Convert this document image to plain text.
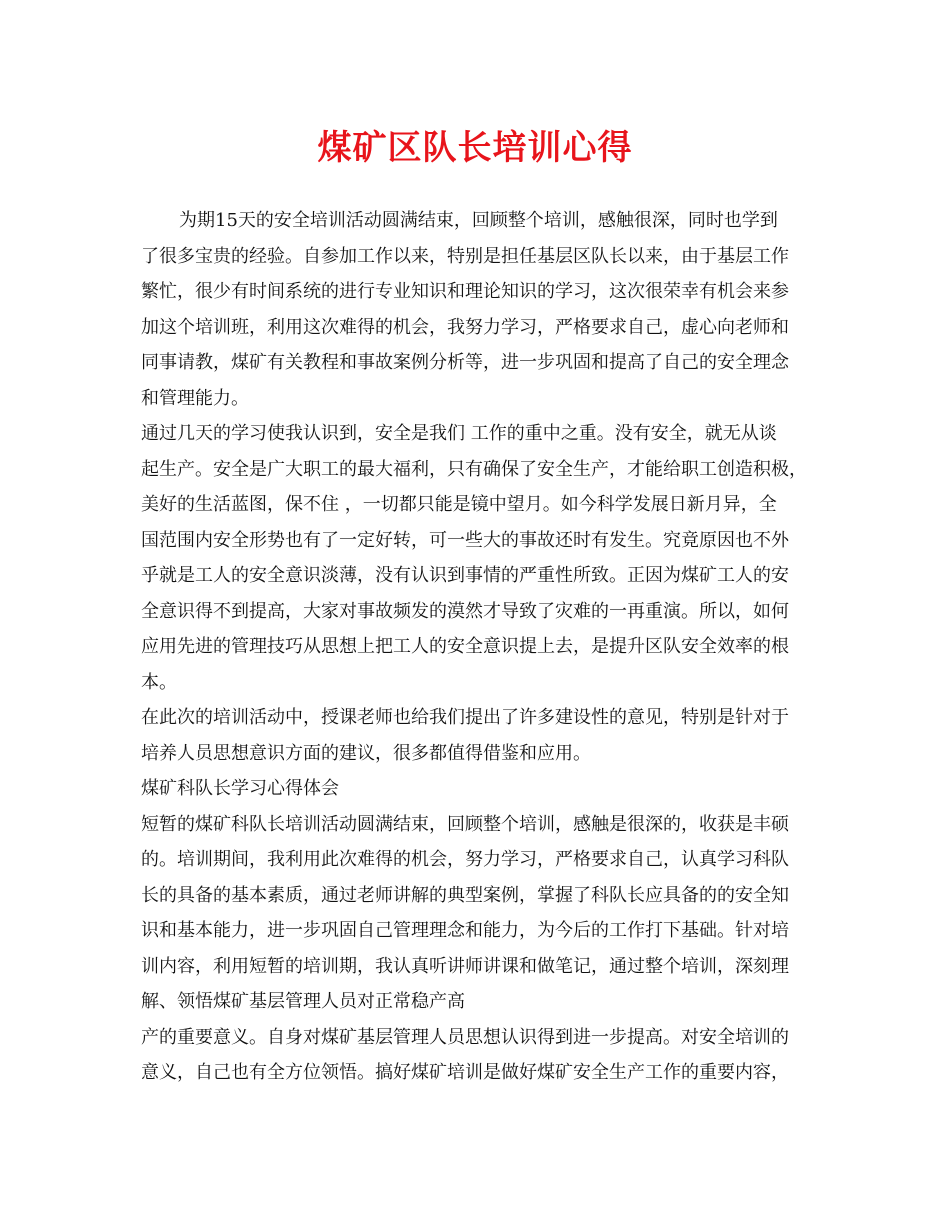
煤矿区队长培训心得
为期15天的安全培训活动圆满结束，回顾整个培训，感触很深，同时也学到
了很多宝贵的经验。自参加工作以来，特别是担任基层区队长以来，由于基层工作
繁忙，很少有时间系统的进行专业知识和理论知识的学习，这次很荣幸有机会来参
加这个培训班，利用这次难得的机会，我努力学习，严格要求自己，虚心向老师和
同事请教，煤矿有关教程和事故案例分析等，进一步巩固和提高了自己的安全理念
和管理能力。
通过几天的学习使我认识到，安全是我们 工作的重中之重。没有安全，就无从谈
起生产。安全是广大职工的最大福利，只有确保了安全生产，才能给职工创造积极，
美好的生活蓝图，保不住 ，一切都只能是镜中望月。如今科学发展日新月异，全
国范围内安全形势也有了一定好转，可一些大的事故还时有发生。究竟原因也不外
乎就是工人的安全意识淡薄，没有认识到事情的严重性所致。正因为煤矿工人的安
全意识得不到提高，大家对事故频发的漠然才导致了灾难的一再重演。所以，如何
应用先进的管理技巧从思想上把工人的安全意识提上去，是提升区队安全效率的根
本。
在此次的培训活动中，授课老师也给我们提出了许多建设性的意见，特别是针对于
培养人员思想意识方面的建议，很多都值得借鉴和应用。
煤矿科队长学习心得体会
短暂的煤矿科队长培训活动圆满结束，回顾整个培训，感触是很深的，收获是丰硕
的。培训期间，我利用此次难得的机会，努力学习，严格要求自己，认真学习科队
长的具备的基本素质，通过老师讲解的典型案例，掌握了科队长应具备的的安全知
识和基本能力，进一步巩固自己管理理念和能力，为今后的工作打下基础。针对培
训内容，利用短暂的培训期，我认真听讲师讲课和做笔记，通过整个培训，深刻理
解、领悟煤矿基层管理人员对正常稳产高
产的重要意义。自身对煤矿基层管理人员思想认识得到进一步提高。对安全培训的
意义，自己也有全方位领悟。搞好煤矿培训是做好煤矿安全生产工作的重要内容，
